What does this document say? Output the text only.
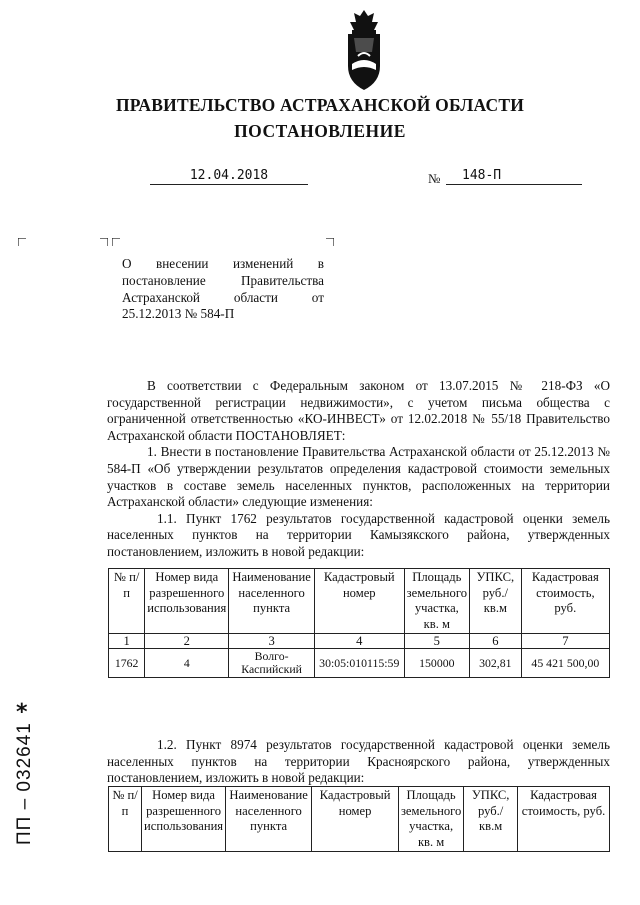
ПРАВИТЕЛЬСТВО АСТРАХАНСКОЙ ОБЛАСТИ
ПОСТАНОВЛЕНИЕ
12.04.2018	№	148-П
О внесении изменений в постановление Правительства Астраханской области от 25.12.2013 № 584-П

В соответствии с Федеральным законом от 13.07.2015 № 218-ФЗ «О государственной регистрации недвижимости», с учетом письма общества с ограниченной ответственностью «КО-ИНВЕСТ» от 12.02.2018 № 55/18 Правительство Астраханской области ПОСТАНОВЛЯЕТ:

1. Внести в постановление Правительства Астраханской области от 25.12.2013 № 584-П «Об утверждении результатов определения кадастровой стоимости земельных участков в составе земель населенных пунктов, расположенных на территории Астраханской области» следующие изменения:

1.1. Пункт 1762 результатов государственной кадастровой оценки земель населенных пунктов на территории Камызякского района, утвержденных постановлением, изложить в новой редакции:

№ п/п	Номер вида разрешенного использования	Наименование населенного пункта	Кадастровый номер	Площадь земельного участка, кв. м	УПКС, руб./ кв.м	Кадастровая стоимость, руб.
1	2	3	4	5	6	7
1762	4	Волго-Каспийский	30:05:010115:59	150000	302,81	45 421 500,00

1.2. Пункт 8974 результатов государственной кадастровой оценки земель населенных пунктов на территории Красноярского района, утвержденных постановлением, изложить в новой редакции:

№ п/п	Номер вида разрешенного использования	Наименование населенного пункта	Кадастровый номер	Площадь земельного участка, кв. м	УПКС, руб./ кв.м	Кадастровая стоимость, руб.
ПП – 032641
*
